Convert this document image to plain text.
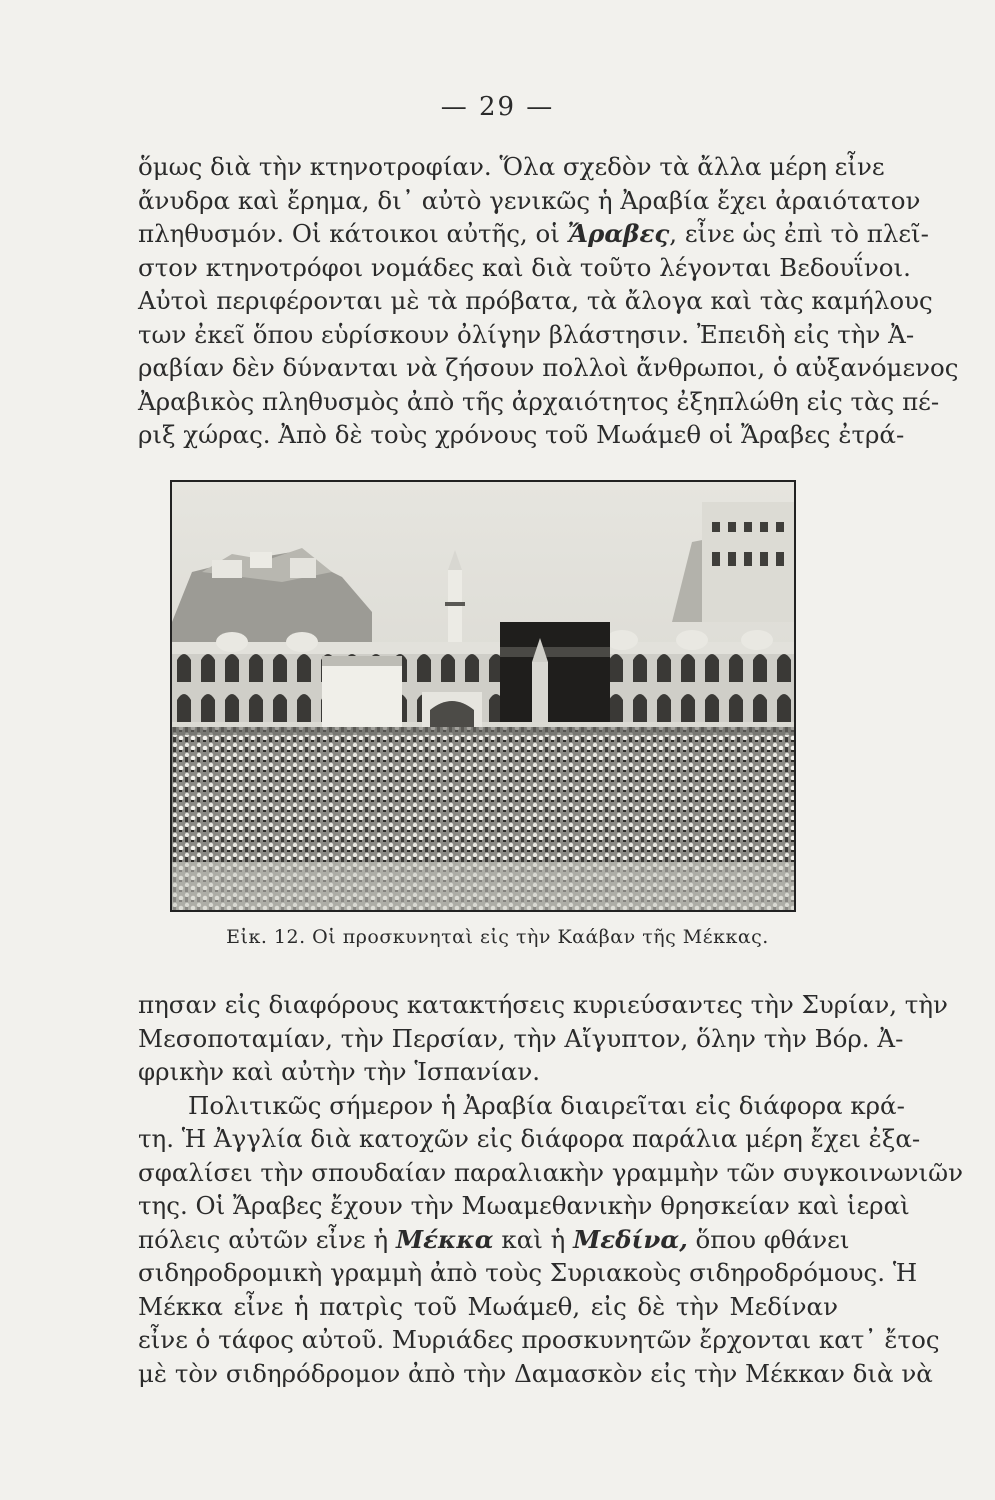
— 29 —

ὅμως διὰ τὴν κτηνοτροφίαν. Ὅλα σχεδὸν τὰ ἄλλα μέρη εἶνε
ἄνυδρα καὶ ἔρημα, δι᾽ αὐτὸ γενικῶς ἡ Ἀραβία ἔχει ἀραιότατον
πληθυσμόν. Οἱ κάτοικοι αὐτῆς, οἱ Ἄραβες, εἶνε ὡς ἐπὶ τὸ πλεῖ-
στον κτηνοτρόφοι νομάδες καὶ διὰ τοῦτο λέγονται Βεδουΐνοι.
Αὐτοὶ περιφέρονται μὲ τὰ πρόβατα, τὰ ἄλογα καὶ τὰς καμήλους
των ἐκεῖ ὅπου εὑρίσκουν ὀλίγην βλάστησιν. Ἐπειδὴ εἰς τὴν Ἀ-
ραβίαν δὲν δύνανται νὰ ζήσουν πολλοὶ ἄνθρωποι, ὁ αὐξανόμενος
Ἀραβικὸς πληθυσμὸς ἀπὸ τῆς ἀρχαιότητος ἐξηπλώθη εἰς τὰς πέ-
ριξ χώρας. Ἀπὸ δὲ τοὺς χρόνους τοῦ Μωάμεθ οἱ Ἄραβες ἐτρά-

Εἰκ. 12. Οἱ προσκυνηταὶ εἰς τὴν Καάβαν τῆς Μέκκας.

πησαν εἰς διαφόρους κατακτήσεις κυριεύσαντες τὴν Συρίαν, τὴν
Μεσοποταμίαν, τὴν Περσίαν, τὴν Αἴγυπτον, ὅλην τὴν Βόρ. Ἀ-
φρικὴν καὶ αὐτὴν τὴν Ἱσπανίαν.

Πολιτικῶς σήμερον ἡ Ἀραβία διαιρεῖται εἰς διάφορα κρά-

τη. Ἡ Ἀγγλία διὰ κατοχῶν εἰς διάφορα παράλια μέρη ἔχει ἐξα-
σφαλίσει τὴν σπουδαίαν παραλιακὴν γραμμὴν τῶν συγκοινωνιῶν
της. Οἱ Ἄραβες ἔχουν τὴν Μωαμεθανικὴν θρησκείαν καὶ ἱεραὶ
πόλεις αὐτῶν εἶνε ἡ Μέκκα καὶ ἡ Μεδίνα, ὅπου φθάνει
σιδηροδρομικὴ γραμμὴ ἀπὸ τοὺς Συριακοὺς σιδηροδρόμους. Ἡ
Μέκκα εἶνε ἡ πατρὶς τοῦ Μωάμεθ, εἰς δὲ τὴν Μεδίναν
εἶνε ὁ τάφος αὐτοῦ. Μυριάδες προσκυνητῶν ἔρχονται κατ᾽ ἔτος
μὲ τὸν σιδηρόδρομον ἀπὸ τὴν Δαμασκὸν εἰς τὴν Μέκκαν διὰ νὰ
